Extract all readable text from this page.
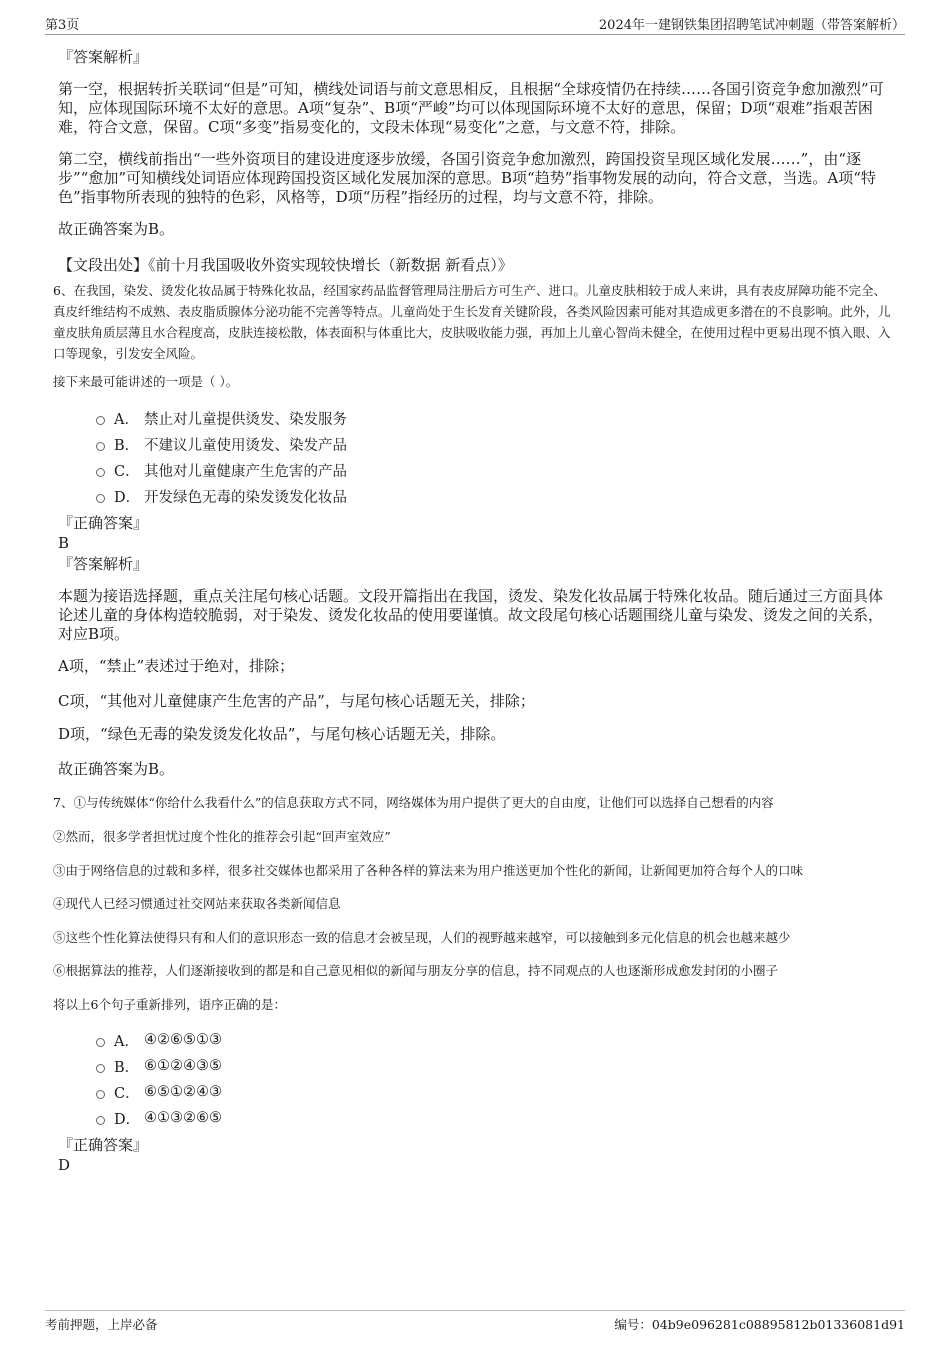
第3页	2024年一建钢铁集团招聘笔试冲刺题（带答案解析）
『答案解析』
第一空，根据转折关联词“但是”可知，横线处词语与前文意思相反，且根据“全球疫情仍在持续……各国引资竞争愈加激烈”可知，应体现国际环境不太好的意思。A项“复杂”、B项“严峻”均可以体现国际环境不太好的意思，保留；D项“艰难”指艰苦困难，符合文意，保留。C项“多变”指易变化的，文段未体现“易变化”之意，与文意不符，排除。
第二空，横线前指出“一些外资项目的建设进度逐步放缓，各国引资竞争愈加激烈，跨国投资呈现区域化发展……”，由“逐步”“愈加”可知横线处词语应体现跨国投资区域化发展加深的意思。B项“趋势”指事物发展的动向，符合文意，当选。A项“特色”指事物所表现的独特的色彩，风格等，D项“历程”指经历的过程，均与文意不符，排除。
故正确答案为B。
【文段出处】《前十月我国吸收外资实现较快增长（新数据 新看点）》
6、在我国，染发、烫发化妆品属于特殊化妆品，经国家药品监督管理局注册后方可生产、进口。儿童皮肤相较于成人来讲，具有表皮屏障功能不完全、真皮纤维结构不成熟、表皮脂质腺体分泌功能不完善等特点。儿童尚处于生长发育关键阶段，各类风险因素可能对其造成更多潜在的不良影响。此外，儿童皮肤角质层薄且水合程度高，皮肤连接松散，体表面积与体重比大，皮肤吸收能力强，再加上儿童心智尚未健全，在使用过程中更易出现不慎入眼、入口等现象，引发安全风险。
接下来最可能讲述的一项是（ ）。
A． 禁止对儿童提供烫发、染发服务
B． 不建议儿童使用烫发、染发产品
C． 其他对儿童健康产生危害的产品
D． 开发绿色无毒的染发烫发化妆品
『正确答案』
B
『答案解析』
本题为接语选择题，重点关注尾句核心话题。文段开篇指出在我国，烫发、染发化妆品属于特殊化妆品。随后通过三方面具体论述儿童的身体构造较脆弱，对于染发、烫发化妆品的使用要谨慎。故文段尾句核心话题围绕儿童与染发、烫发之间的关系，对应B项。
A项，“禁止”表述过于绝对，排除；
C项，“其他对儿童健康产生危害的产品”，与尾句核心话题无关，排除；
D项，“绿色无毒的染发烫发化妆品”，与尾句核心话题无关，排除。
故正确答案为B。
7、①与传统媒体“你给什么我看什么”的信息获取方式不同，网络媒体为用户提供了更大的自由度，让他们可以选择自己想看的内容
②然而，很多学者担忧过度个性化的推荐会引起“回声室效应”
③由于网络信息的过载和多样，很多社交媒体也都采用了各种各样的算法来为用户推送更加个性化的新闻，让新闻更加符合每个人的口味
④现代人已经习惯通过社交网站来获取各类新闻信息
⑤这些个性化算法使得只有和人们的意识形态一致的信息才会被呈现，人们的视野越来越窄，可以接触到多元化信息的机会也越来越少
⑥根据算法的推荐，人们逐渐接收到的都是和自己意见相似的新闻与朋友分享的信息，持不同观点的人也逐渐形成愈发封闭的小圈子
将以上6个句子重新排列，语序正确的是：
A． ④②⑥⑤①③
B． ⑥①②④③⑤
C． ⑥⑤①②④③
D． ④①③②⑥⑤
『正确答案』
D
考前押题，上岸必备	编号：04b9e096281c08895812b01336081d91
